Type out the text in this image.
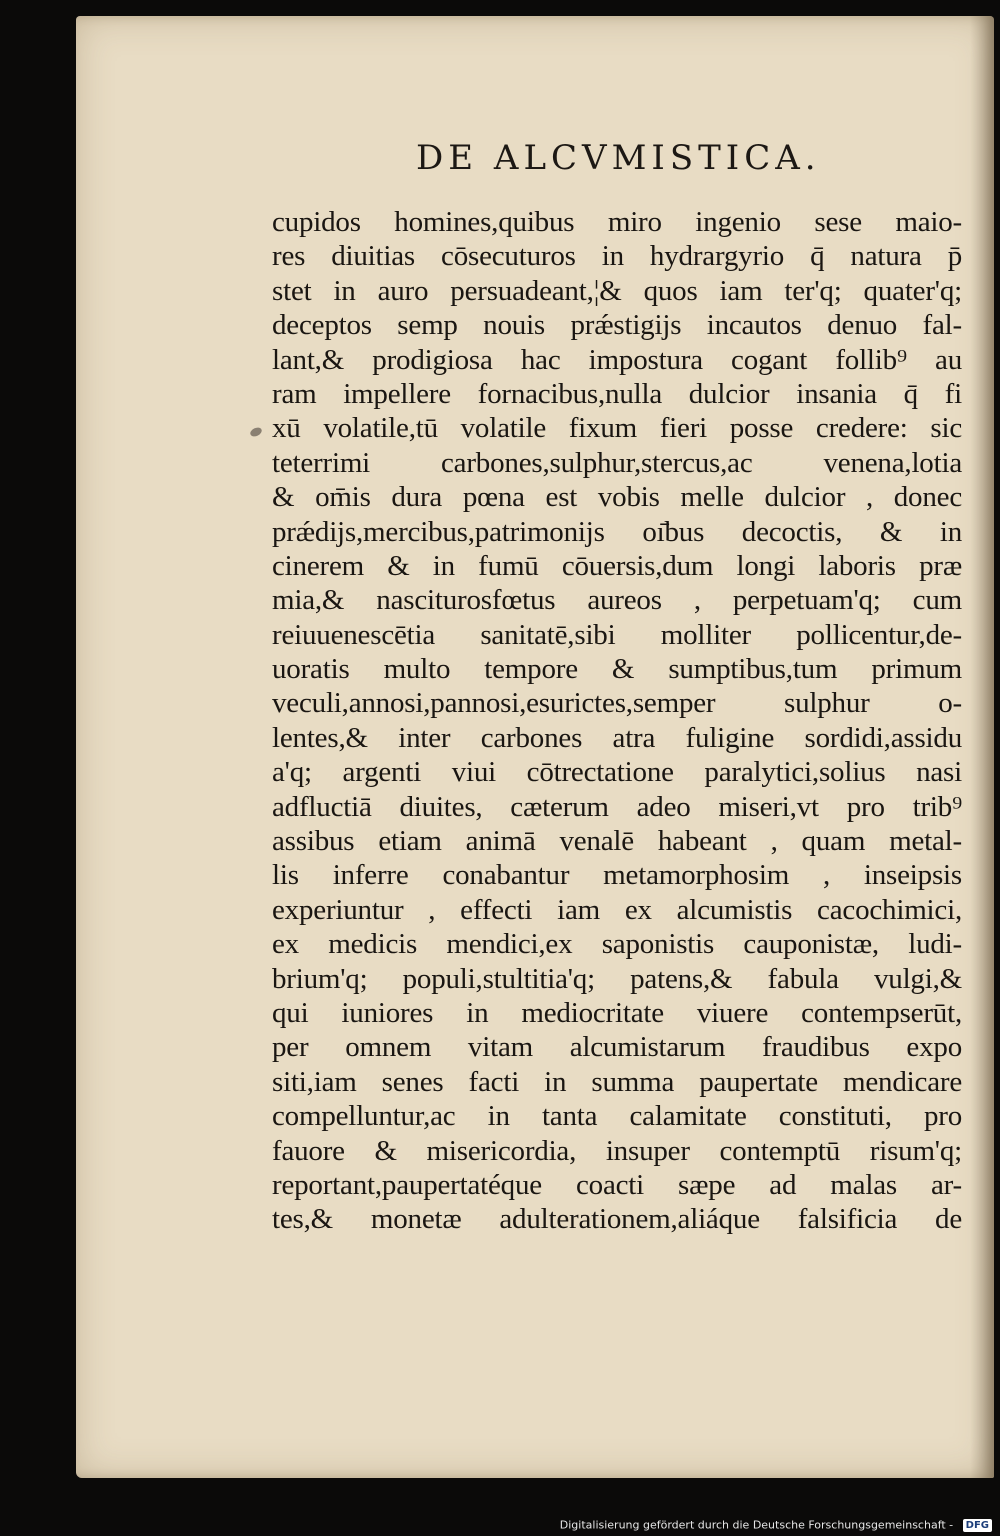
DE ALCVMISTICA.
cupidos homines,quibus miro ingenio sese maio-
res diuitias cōsecuturos in hydrargyrio q̄ natura p̄
stet in auro persuadeant,¦& quos iam ter'q; quater'q;
deceptos semp nouis prǽstigijs incautos denuo fal-
lant,& prodigiosa hac impostura cogant follib⁹ au
ram impellere fornacibus,nulla dulcior insania q̄ fi
xū volatile,tū volatile fixum fieri posse credere: sic
teterrimi carbones,sulphur,stercus,ac venena,lotia
& om̄is dura pœna est vobis melle dulcior , donec
prǽdijs,mercibus,patrimonijs oı̄bus decoctis, & in
cinerem & in fumū cōuersis,dum longi laboris præ
mia,& nasciturosfœtus aureos , perpetuam'q; cum
reiuuenescētia sanitatē,sibi molliter pollicentur,de-
uoratis multo tempore & sumptibus,tum primum
veculi,annosi,pannosi,esurictes,semper sulphur o-
lentes,& inter carbones atra fuligine sordidi,assidu
a'q; argenti viui cōtrectatione paralytici,solius nasi
adfluctiā diuites, cæterum adeo miseri,vt pro trib⁹
assibus etiam animā venalē habeant , quam metal-
lis inferre conabantur metamorphosim , inseipsis
experiuntur , effecti iam ex alcumistis cacochimici,
ex medicis mendici,ex saponistis cauponistæ, ludi-
brium'q; populi,stultitia'q; patens,& fabula vulgi,&
qui iuniores in mediocritate viuere contempserūt,
per omnem vitam alcumistarum fraudibus expo
siti,iam senes facti in summa paupertate mendicare
compelluntur,ac in tanta calamitate constituti, pro
fauore & misericordia, insuper contemptū risum'q;
reportant,paupertatéque coacti sæpe ad malas ar-
tes,& monetæ adulterationem,aliáque falsificia de
Digitalisierung gefördert durch die Deutsche Forschungsgemeinschaft - DFG
